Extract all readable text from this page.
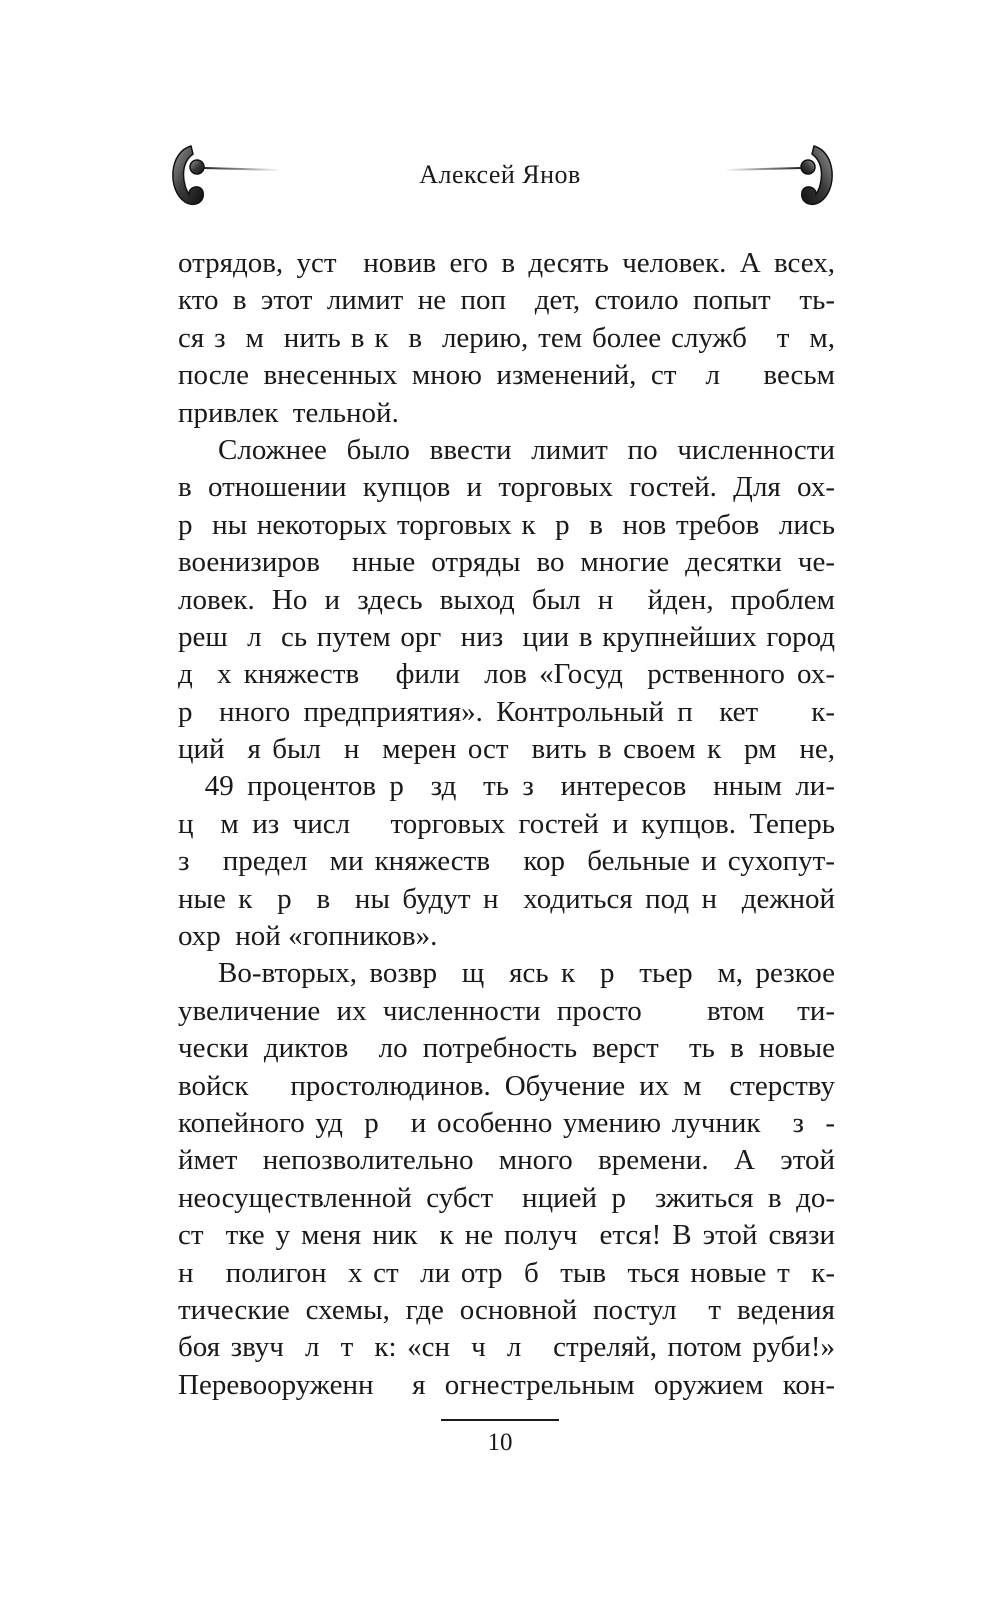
Алексей Янов
отрядов, уст  новив его в десять человек. А всех,
кто в этот лимит не поп  дет, стоило попыт  ть-
ся з  м  нить в к  в  лерию, тем более служб   т  м,
после внесенных мною изменений, ст  л   весьм
привлек  тельной.
Сложнее было ввести лимит по численности
в отношении купцов и торговых гостей. Для ох-
р  ны некоторых торговых к  р  в  нов требов  лись
военизиров  нные отряды во многие десятки че-
ловек. Но и здесь выход был н  йден, проблем
реш  л  сь путем орг  низ  ции в крупнейших город
д  х княжеств   фили  лов «Госуд  рственного ох-
р  нного предприятия». Контрольный п  кет    к-
ций  я был  н  мерен ост  вить в своем к  рм  не,
49 процентов р  зд  ть з  интересов  нным ли-
ц  м из числ   торговых гостей и купцов. Теперь
з   предел  ми княжеств   кор  бельные и сухопут-
ные к  р  в  ны будут н  ходиться под н  дежной
охр  ной «гопников».
Во-вторых, возвр  щ  ясь к  р  тьер  м, резкое
увеличение их численности просто    втом  ти-
чески диктов  ло потребность верст  ть в новые
войск   простолюдинов. Обучение их м  стерству
копейного уд  р   и особенно умению лучник   з  -
ймет непозволительно много времени. А этой
неосуществленной субст  нцией р  зжиться в до-
ст  тке у меня ник  к не получ  ется! В этой связи
н   полигон  х ст  ли отр  б  тыв  ться новые т  к-
тические схемы, где основной постул  т ведения
боя звуч  л  т  к: «сн  ч  л   стреляй, потом руби!»
Перевооруженн  я огнестрельным оружием кон-
10
